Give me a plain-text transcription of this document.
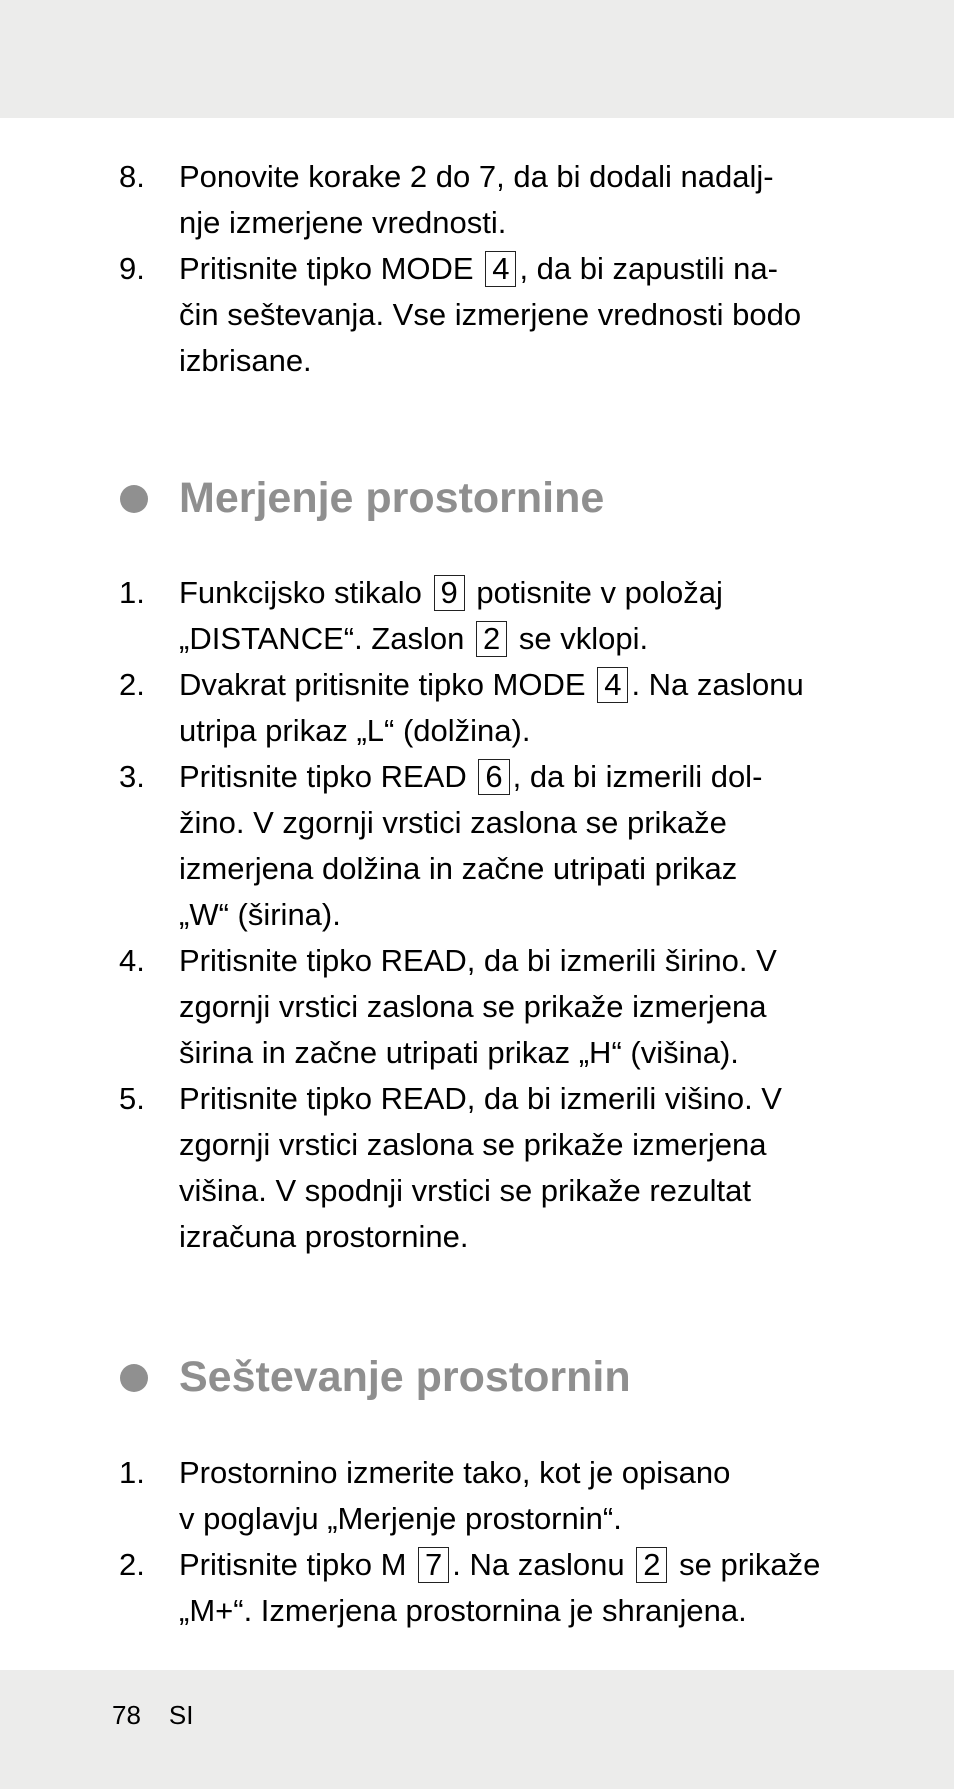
8.	Ponovite korake 2 do 7, da bi dodali nadalj-
nje izmerjene vrednosti.
9.	Pritisnite tipko MODE 4 , da bi zapustili na-
čin seštevanja. Vse izmerjene vrednosti bodo
izbrisane.
Merjenje prostornine
1.	Funkcijsko stikalo 9 potisnite v položaj
„DISTANCE“. Zaslon 2 se vklopi.
2.	Dvakrat pritisnite tipko MODE 4 . Na zaslonu
utripa prikaz „L“ (dolžina).
3.	Pritisnite tipko READ 6 , da bi izmerili dol-
žino. V zgornji vrstici zaslona se prikaže
izmerjena dolžina in začne utripati prikaz
„W“ (širina).
4.	Pritisnite tipko READ, da bi izmerili širino. V
zgornji vrstici zaslona se prikaže izmerjena
širina in začne utripati prikaz „H“ (višina).
5.	Pritisnite tipko READ, da bi izmerili višino. V
zgornji vrstici zaslona se prikaže izmerjena
višina. V spodnji vrstici se prikaže rezultat
izračuna prostornine.
Seštevanje prostornin
1.	Prostornino izmerite tako, kot je opisano
v poglavju „Merjenje prostornin“.
2.	Pritisnite tipko M 7 . Na zaslonu 2 se prikaže
„M+“. Izmerjena prostornina je shranjena.
78 SI
